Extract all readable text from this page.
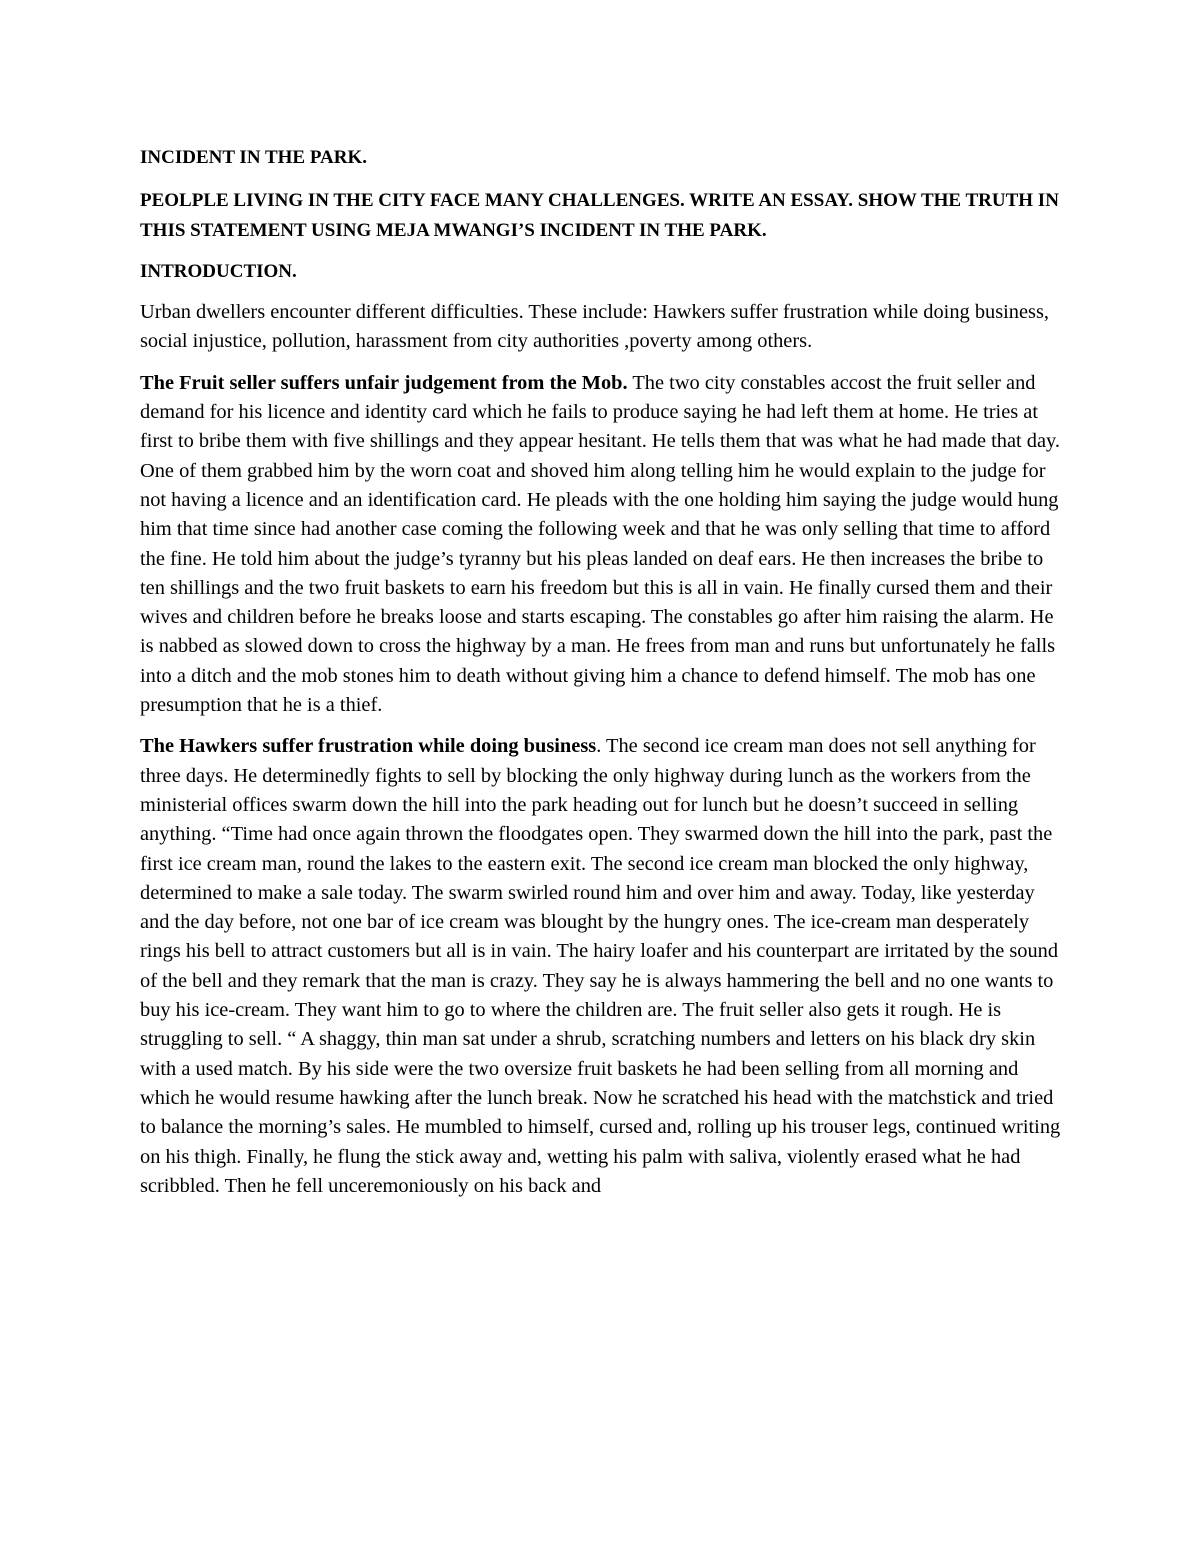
INCIDENT IN THE PARK.
PEOLPLE LIVING IN THE CITY FACE MANY CHALLENGES. WRITE AN ESSAY. SHOW THE TRUTH IN THIS STATEMENT USING MEJA MWANGI’S INCIDENT IN THE PARK.
INTRODUCTION.

Urban dwellers encounter different difficulties. These include: Hawkers suffer frustration while doing business, social injustice, pollution, harassment from city authorities ,poverty among others.

The Fruit seller suffers unfair judgement from the Mob. The two city constables accost the fruit seller and demand for his licence and identity card which he fails to produce saying he had left them at home. He tries at first to bribe them with five shillings and they appear hesitant. He tells them that was what he had made that day. One of them grabbed him by the worn coat and shoved him along telling him he would explain to the judge for not having a licence and an identification card. He pleads with the one holding him saying the judge would hung him that time since had another case coming the following week and that he was only selling that time to afford the fine. He told him about the judge’s tyranny but his pleas landed on deaf ears. He then increases the bribe to ten shillings and the two fruit baskets to earn his freedom but this is all in vain. He finally cursed them and their wives and children before he breaks loose and starts escaping. The constables go after him raising the alarm. He is nabbed as slowed down to cross the highway by a man. He frees from man and runs but unfortunately he falls into a ditch and the mob stones him to death without giving him a chance to defend himself. The mob has one presumption that he is a thief.

The Hawkers suffer frustration while doing business. The second ice cream man does not sell anything for three days. He determinedly fights to sell by blocking the only highway during lunch as the workers from the ministerial offices swarm down the hill into the park heading out for lunch but he doesn’t succeed in selling anything. “Time had once again thrown the floodgates open. They swarmed down the hill into the park, past the first ice cream man, round the lakes to the eastern exit. The second ice cream man blocked the only highway, determined to make a sale today. The swarm swirled round him and over him and away. Today, like yesterday and the day before, not one bar of ice cream was blought by the hungry ones. The ice-cream man desperately rings his bell to attract customers but all is in vain. The hairy loafer and his counterpart are irritated by the sound of the bell and they remark that the man is crazy. They say he is always hammering the bell and no one wants to buy his ice-cream. They want him to go to where the children are. The fruit seller also gets it rough. He is struggling to sell. “ A shaggy, thin man sat under a shrub, scratching numbers and letters on his black dry skin with a used match. By his side were the two oversize fruit baskets he had been selling from all morning and which he would resume hawking after the lunch break. Now he scratched his head with the matchstick and tried to balance the morning’s sales. He mumbled to himself, cursed and, rolling up his trouser legs, continued writing on his thigh. Finally, he flung the stick away and, wetting his palm with saliva, violently erased what he had scribbled. Then he fell unceremoniously on his back and
